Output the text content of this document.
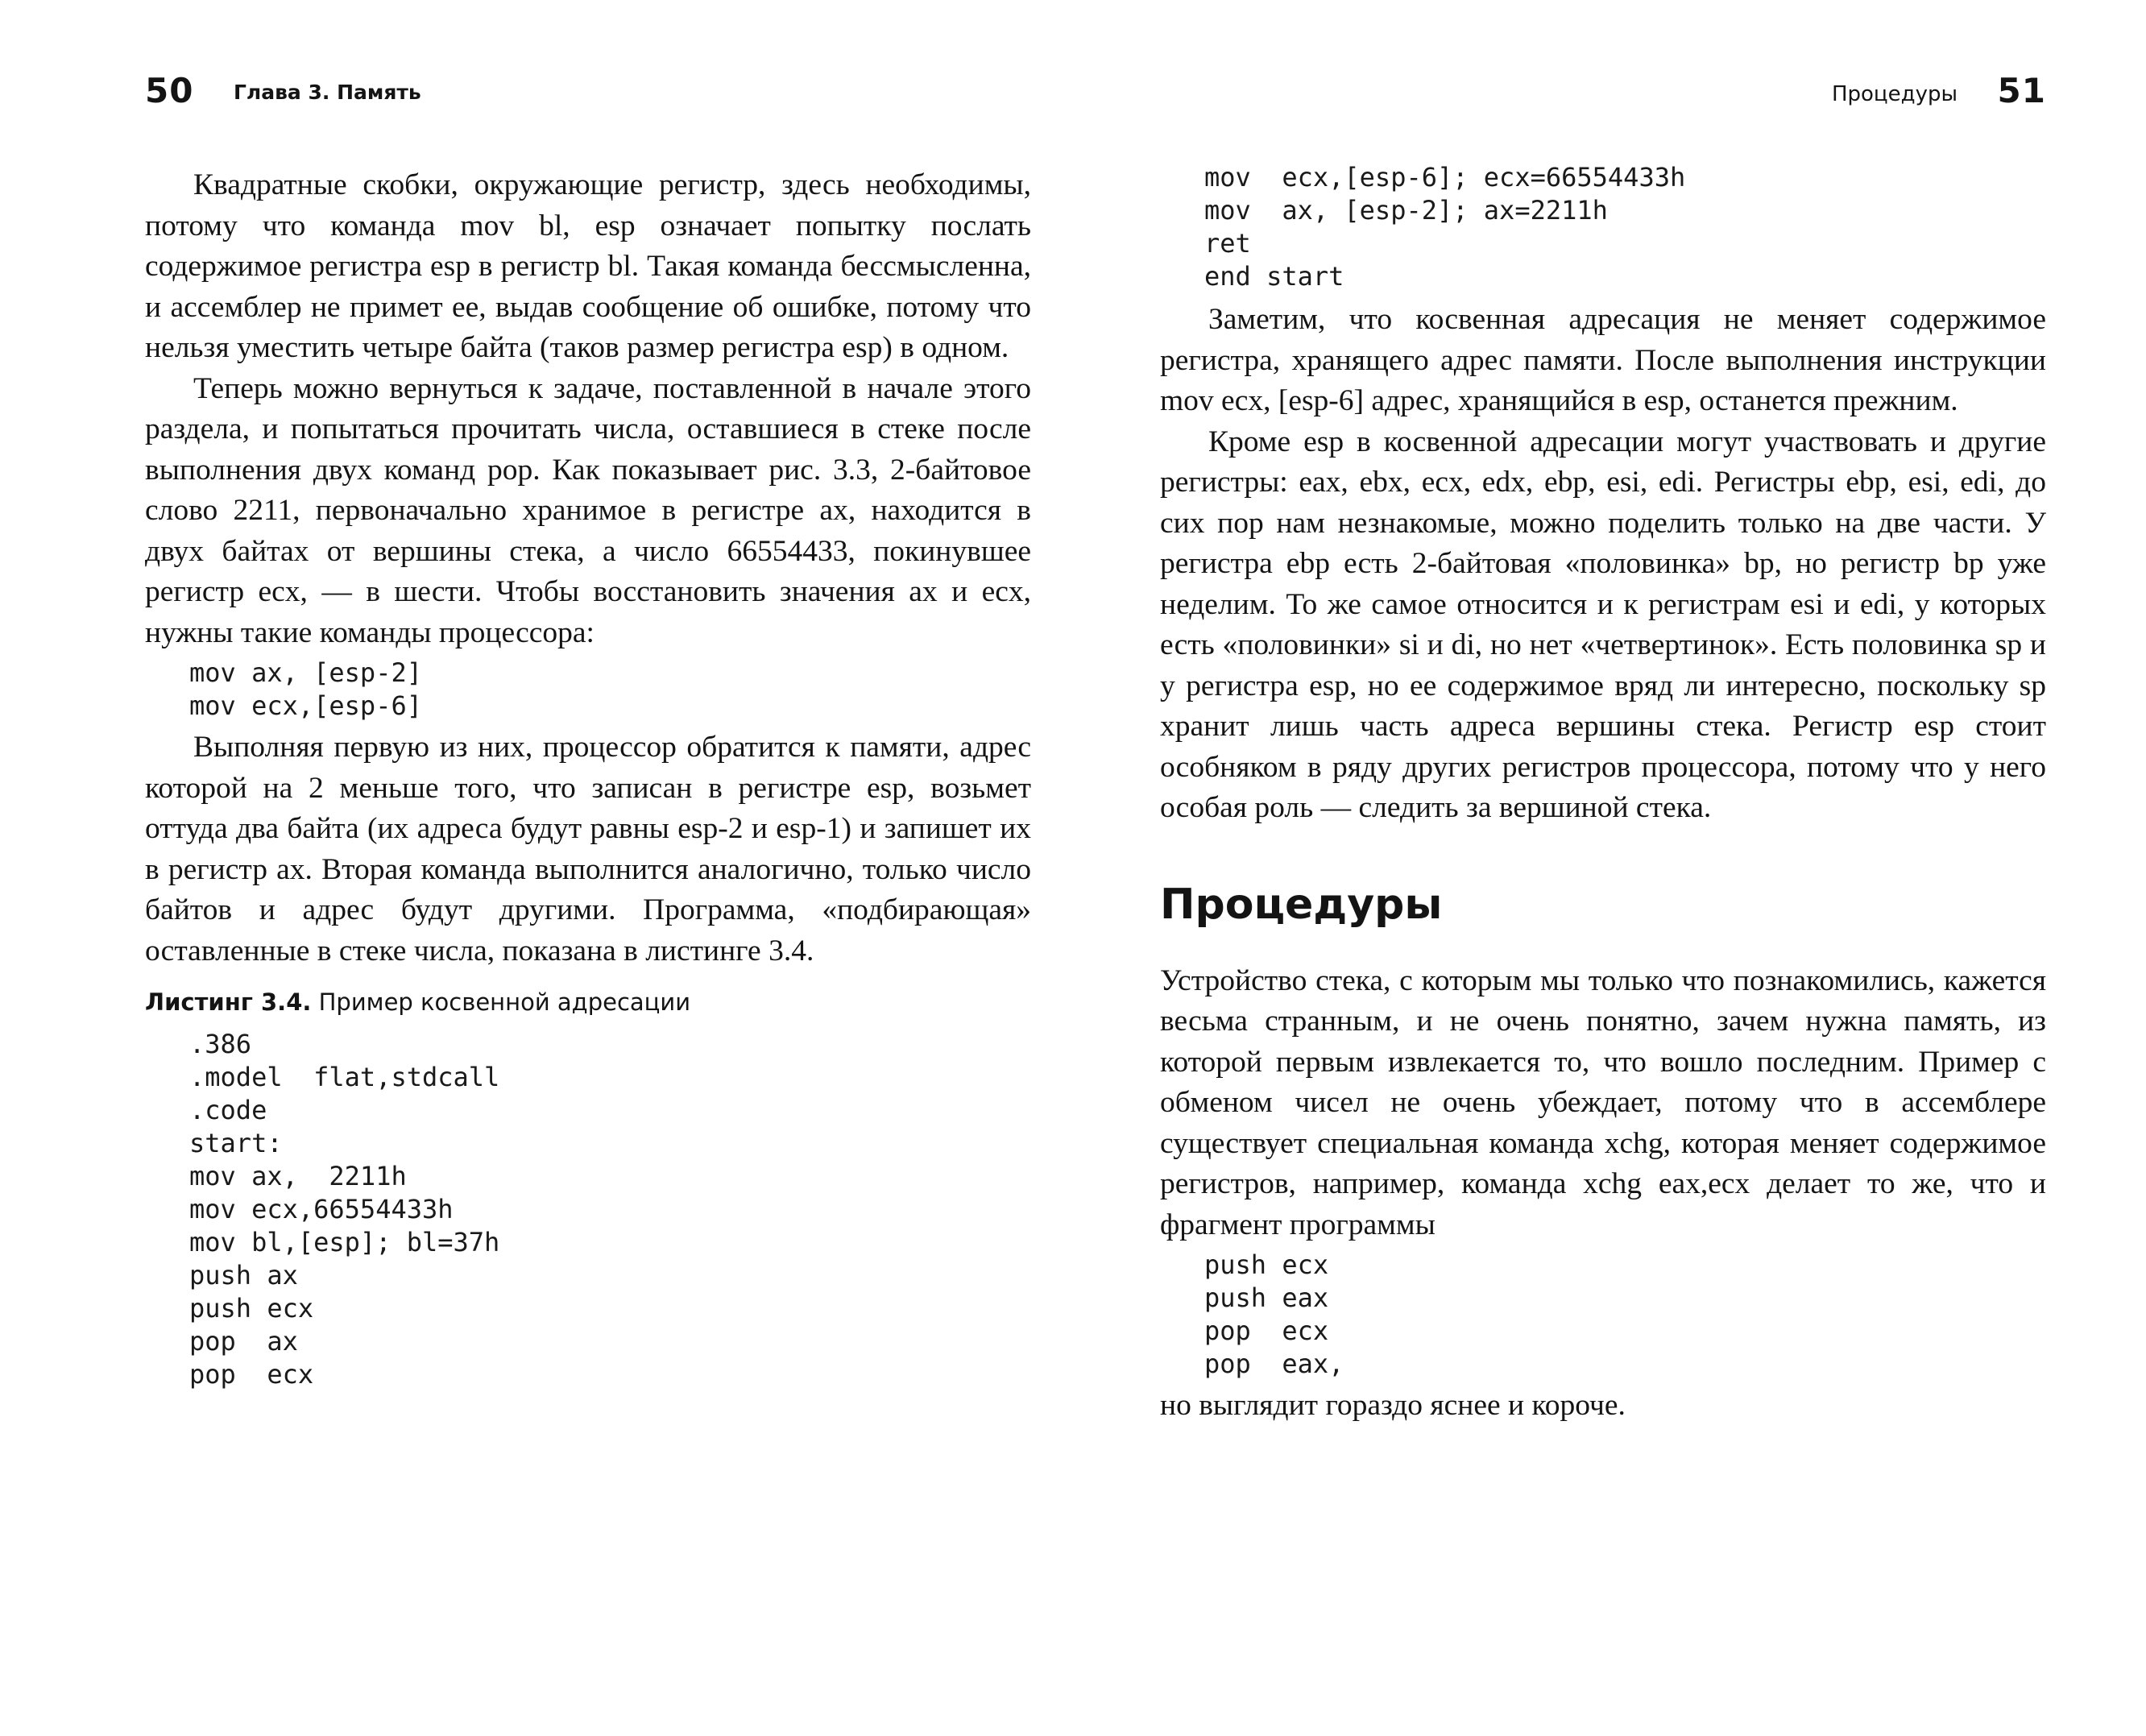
50 Глава 3. Память

Квадратные скобки, окружающие регистр, здесь необходимы, потому что команда mov bl, esp означает попытку послать содержимое регистра esp в регистр bl. Такая команда бессмысленна, и ассемблер не примет ее, выдав сообщение об ошибке, потому что нельзя уместить четыре байта (таков размер регистра esp) в одном.

Теперь можно вернуться к задаче, поставленной в начале этого раздела, и попытаться прочитать числа, оставшиеся в стеке после выполнения двух команд pop. Как показывает рис. 3.3, 2-байтовое слово 2211, первоначально хранимое в регистре ax, находится в двух байтах от вершины стека, а число 66554433, покинувшее регистр ecx, — в шести. Чтобы восстановить значения ax и ecx, нужны такие команды процессора:

mov ax, [esp-2]
mov ecx,[esp-6]

Выполняя первую из них, процессор обратится к памяти, адрес которой на 2 меньше того, что записан в регистре esp, возьмет оттуда два байта (их адреса будут равны esp-2 и esp-1) и запишет их в регистр ax. Вторая команда выполнится аналогично, только число байтов и адрес будут другими. Программа, «подбирающая» оставленные в стеке числа, показана в листинге 3.4.

Листинг 3.4. Пример косвенной адресации
.386
.model  flat,stdcall
.code
start:
mov ax,  2211h
mov ecx,66554433h
mov bl,[esp]; bl=37h
push ax
push ecx
pop  ax
pop  ecx
Процедуры 51
mov  ecx,[esp-6]; ecx=66554433h
mov  ax, [esp-2]; ax=2211h
ret
end start

Заметим, что косвенная адресация не меняет содержимое регистра, хранящего адрес памяти. После выполнения инструкции mov ecx, [esp-6] адрес, хранящийся в esp, останется прежним.

Кроме esp в косвенной адресации могут участвовать и другие регистры: eax, ebx, ecx, edx, ebp, esi, edi. Регистры ebp, esi, edi, до сих пор нам незнакомые, можно поделить только на две части. У регистра ebp есть 2-байтовая «половинка» bp, но регистр bp уже неделим. То же самое относится и к регистрам esi и edi, у которых есть «половинки» si и di, но нет «четвертинок». Есть половинка sp и у регистра esp, но ее содержимое вряд ли интересно, поскольку sp хранит лишь часть адреса вершины стека. Регистр esp стоит особняком в ряду других регистров процессора, потому что у него особая роль — следить за вершиной стека.

Процедуры

Устройство стека, с которым мы только что познакомились, кажется весьма странным, и не очень понятно, зачем нужна память, из которой первым извлекается то, что вошло последним. Пример с обменом чисел не очень убеждает, потому что в ассемблере существует специальная команда xchg, которая меняет содержимое регистров, например, команда xchg eax,ecx делает то же, что и фрагмент программы

push ecx
push eax
pop  ecx
pop  eax,

но выглядит гораздо яснее и короче.
